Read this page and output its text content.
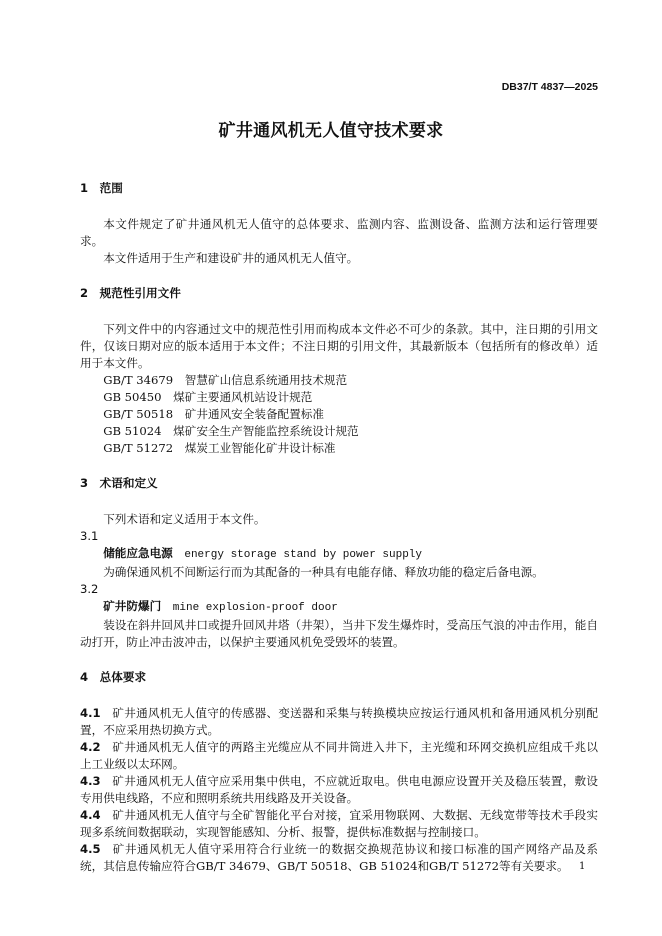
DB37/T 4837—2025
矿井通风机无人值守技术要求
1 范围

本文件规定了矿井通风机无人值守的总体要求、监测内容、监测设备、监测方法和运行管理要求。

本文件适用于生产和建设矿井的通风机无人值守。

2 规范性引用文件

下列文件中的内容通过文中的规范性引用而构成本文件必不可少的条款。其中，注日期的引用文件，仅该日期对应的版本适用于本文件；不注日期的引用文件，其最新版本（包括所有的修改单）适用于本文件。

GB/T 34679 智慧矿山信息系统通用技术规范

GB 50450 煤矿主要通风机站设计规范

GB/T 50518 矿井通风安全装备配置标准

GB 51024 煤矿安全生产智能监控系统设计规范

GB/T 51272 煤炭工业智能化矿井设计标准

3 术语和定义

下列术语和定义适用于本文件。

3.1

储能应急电源 energy storage stand by power supply

为确保通风机不间断运行而为其配备的一种具有电能存储、释放功能的稳定后备电源。

3.2

矿井防爆门 mine explosion-proof door

装设在斜井回风井口或提升回风井塔（井架），当井下发生爆炸时，受高压气浪的冲击作用，能自动打开，防止冲击波冲击，以保护主要通风机免受毁坏的装置。

4 总体要求

4.1 矿井通风机无人值守的传感器、变送器和采集与转换模块应按运行通风机和备用通风机分别配置，不应采用热切换方式。

4.2 矿井通风机无人值守的两路主光缆应从不同井筒进入井下，主光缆和环网交换机应组成千兆以上工业级以太环网。

4.3 矿井通风机无人值守应采用集中供电，不应就近取电。供电电源应设置开关及稳压装置，敷设专用供电线路，不应和照明系统共用线路及开关设备。

4.4 矿井通风机无人值守与全矿智能化平台对接，宜采用物联网、大数据、无线宽带等技术手段实现多系统间数据联动，实现智能感知、分析、报警，提供标准数据与控制接口。

4.5 矿井通风机无人值守采用符合行业统一的数据交换规范协议和接口标准的国产网络产品及系统，其信息传输应符合GB/T 34679、GB/T 50518、GB 51024和GB/T 51272等有关要求。	1
